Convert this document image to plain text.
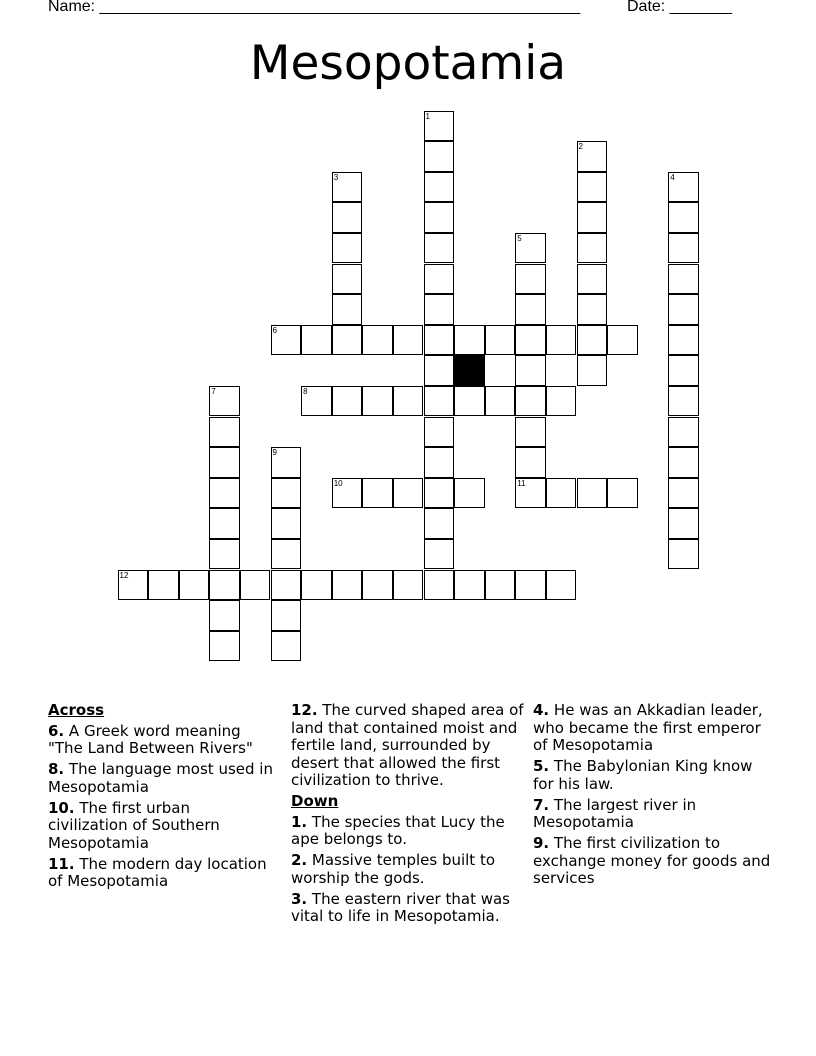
Name: ______________________________________________________	Date: _______
Mesopotamia
6
8
10	11
12
1
2
3	4
5
7
9
Across
6. A Greek word meaning "The Land Between Rivers"
8. The language most used in Mesopotamia
10. The first urban civilization of Southern Mesopotamia
11. The modern day location of Mesopotamia
12. The curved shaped area of land that contained moist and fertile land, surrounded by desert that allowed the first civilization to thrive.
Down
1. The species that Lucy the ape belongs to.
2. Massive temples built to worship the gods.
3. The eastern river that was vital to life in Mesopotamia.
4. He was an Akkadian leader, who became the first emperor of Mesopotamia
5. The Babylonian King know for his law.
7. The largest river in Mesopotamia
9. The first civilization to exchange money for goods and services
